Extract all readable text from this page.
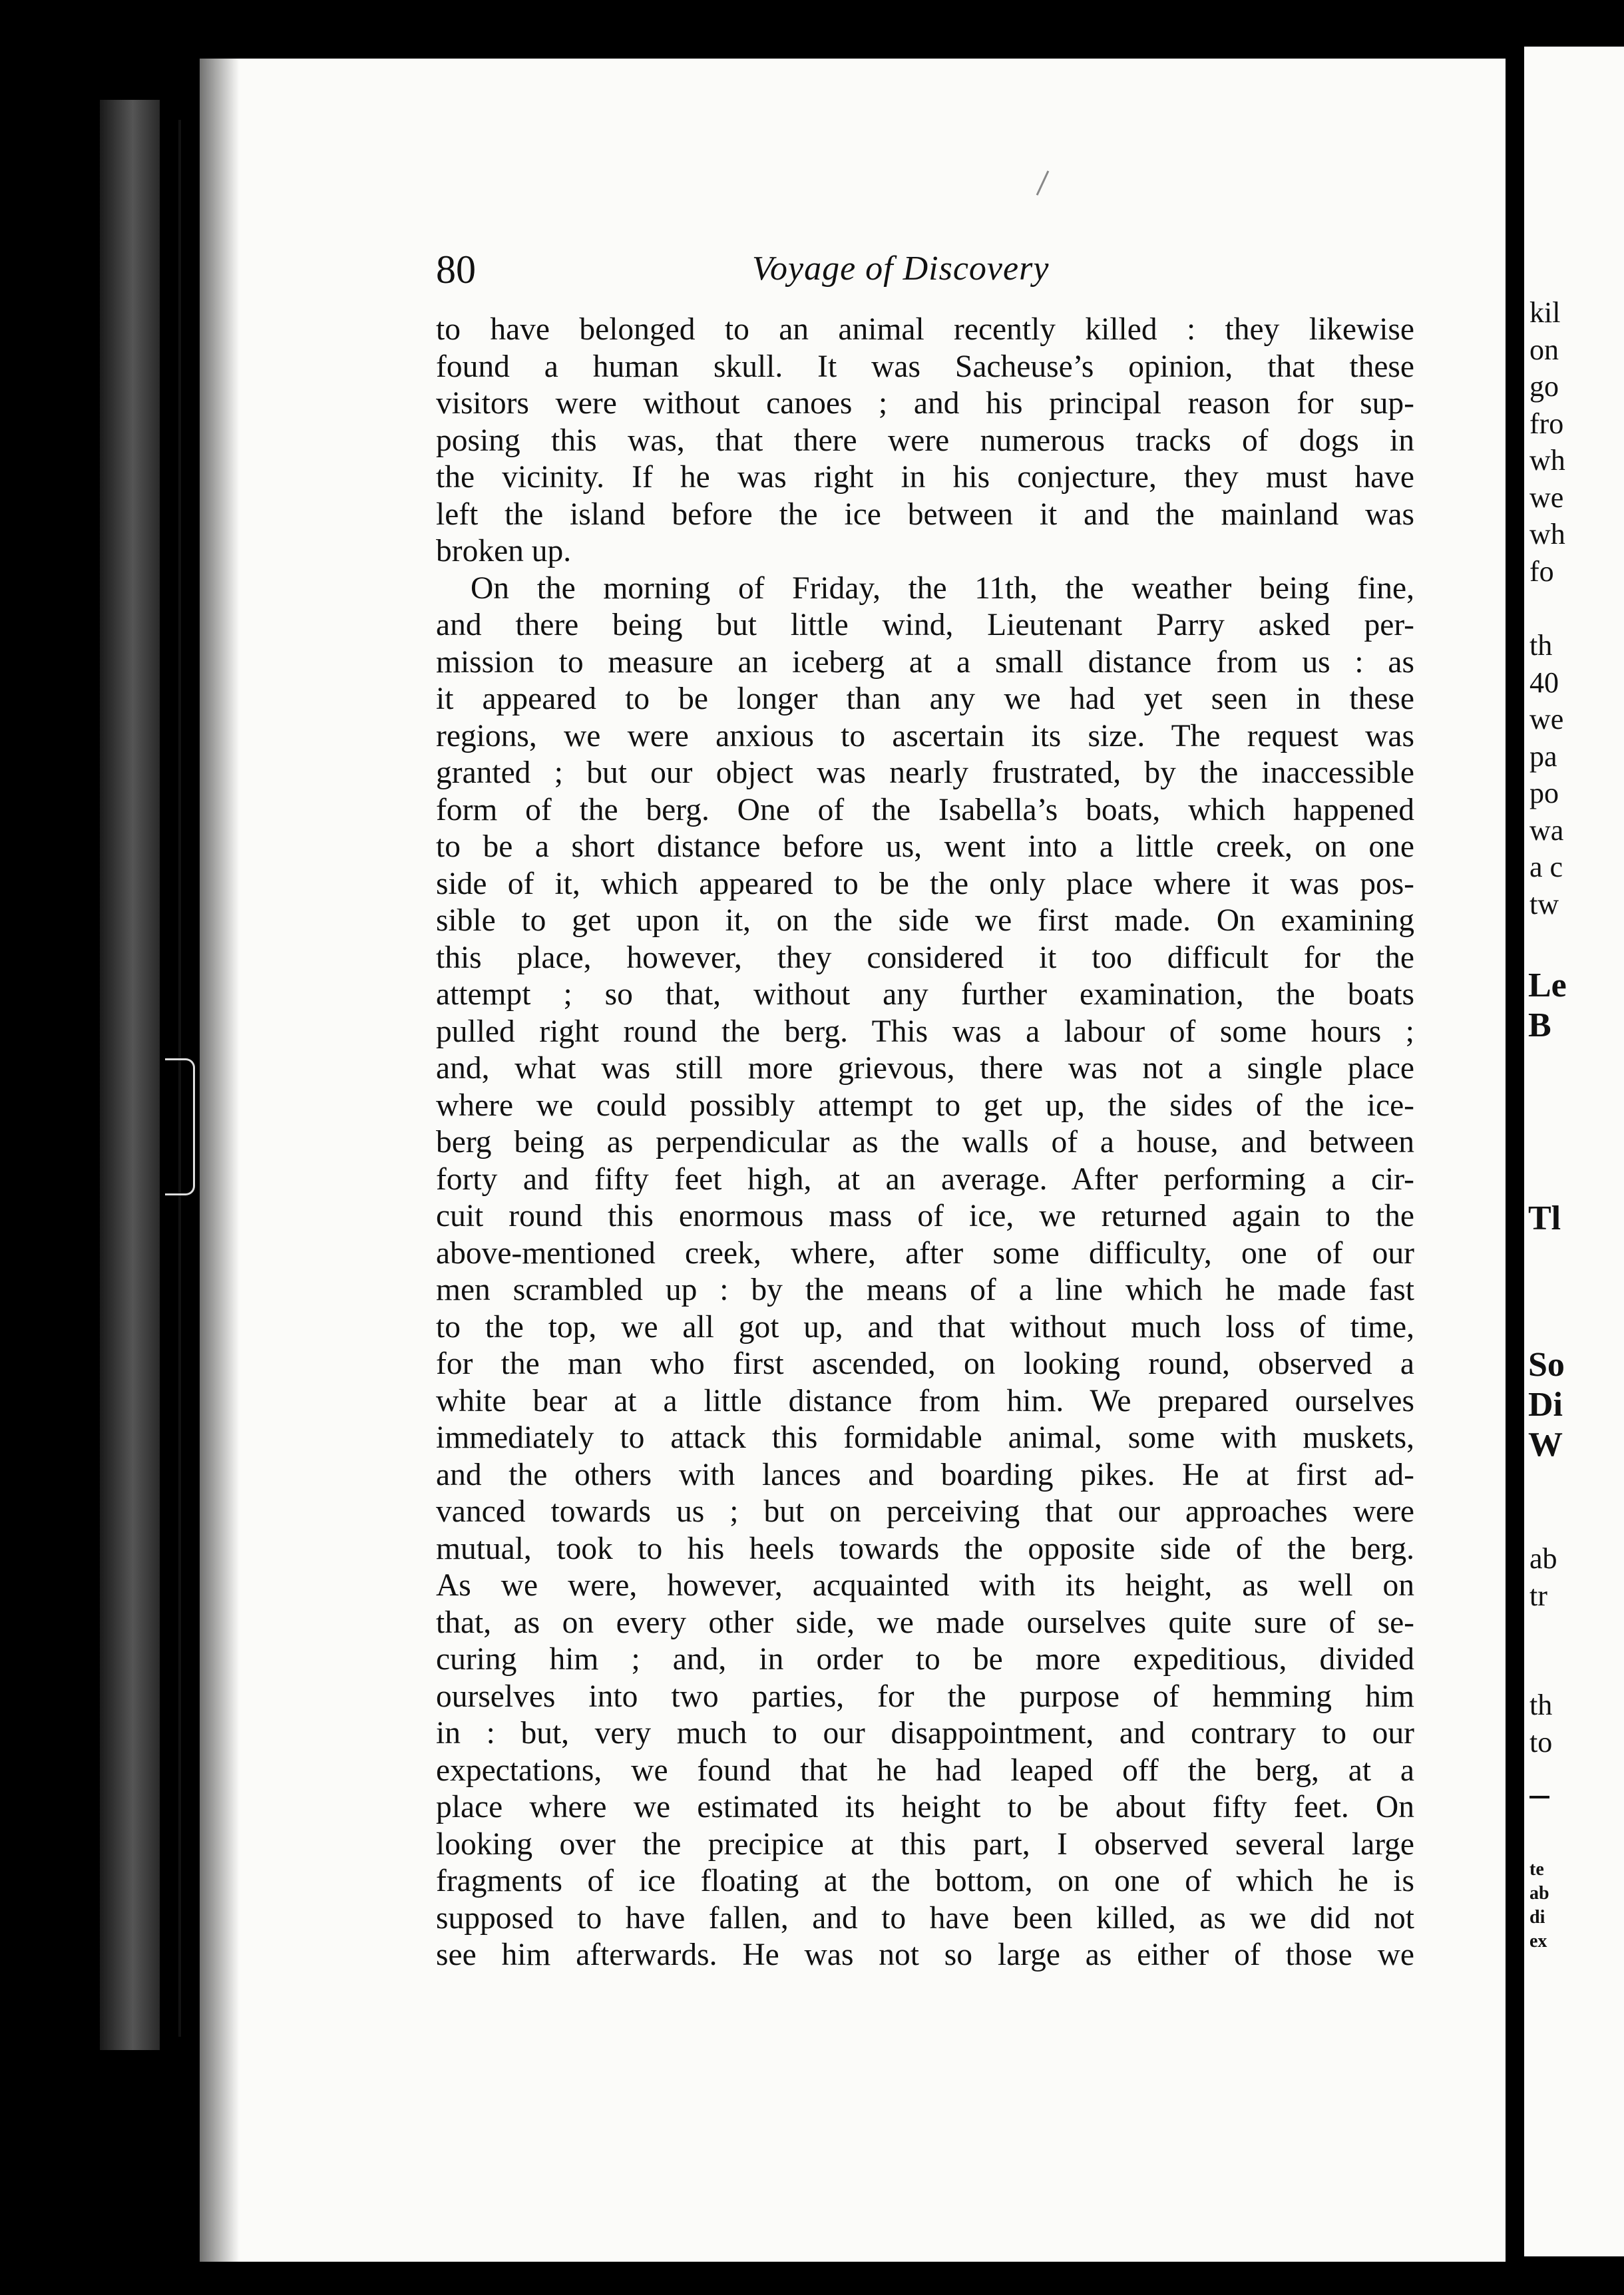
80	Voyage of Discovery
to have belonged to an animal recently killed : they likewise
found a human skull. It was Sacheuse’s opinion, that these
visitors were without canoes ; and his principal reason for sup-
posing this was, that there were numerous tracks of dogs in
the vicinity. If he was right in his conjecture, they must have
left the island before the ice between it and the mainland was
broken up.
On the morning of Friday, the 11th, the weather being fine,
and there being but little wind, Lieutenant Parry asked per-
mission to measure an iceberg at a small distance from us : as
it appeared to be longer than any we had yet seen in these
regions, we were anxious to ascertain its size. The request was
granted ; but our object was nearly frustrated, by the inaccessible
form of the berg. One of the Isabella’s boats, which happened
to be a short distance before us, went into a little creek, on one
side of it, which appeared to be the only place where it was pos-
sible to get upon it, on the side we first made. On examining
this place, however, they considered it too difficult for the
attempt ; so that, without any further examination, the boats
pulled right round the berg. This was a labour of some hours ;
and, what was still more grievous, there was not a single place
where we could possibly attempt to get up, the sides of the ice-
berg being as perpendicular as the walls of a house, and between
forty and fifty feet high, at an average. After performing a cir-
cuit round this enormous mass of ice, we returned again to the
above-mentioned creek, where, after some difficulty, one of our
men scrambled up : by the means of a line which he made fast
to the top, we all got up, and that without much loss of time,
for the man who first ascended, on looking round, observed a
white bear at a little distance from him. We prepared ourselves
immediately to attack this formidable animal, some with muskets,
and the others with lances and boarding pikes. He at first ad-
vanced towards us ; but on perceiving that our approaches were
mutual, took to his heels towards the opposite side of the berg.
As we were, however, acquainted with its height, as well on
that, as on every other side, we made ourselves quite sure of se-
curing him ; and, in order to be more expeditious, divided
ourselves into two parties, for the purpose of hemming him
in : but, very much to our disappointment, and contrary to our
expectations, we found that he had leaped off the berg, at a
place where we estimated its height to be about fifty feet. On
looking over the precipice at this part, I observed several large
fragments of ice floating at the bottom, on one of which he is
supposed to have fallen, and to have been killed, as we did not
see him afterwards. He was not so large as either of those we
kil
on
go
fro
wh
we
wh
fo
th
40
we
pa
po
wa
a c
tw
Le
B
Tl
So
Di
W
ab
tr
th
to
te
ab
di
ex
